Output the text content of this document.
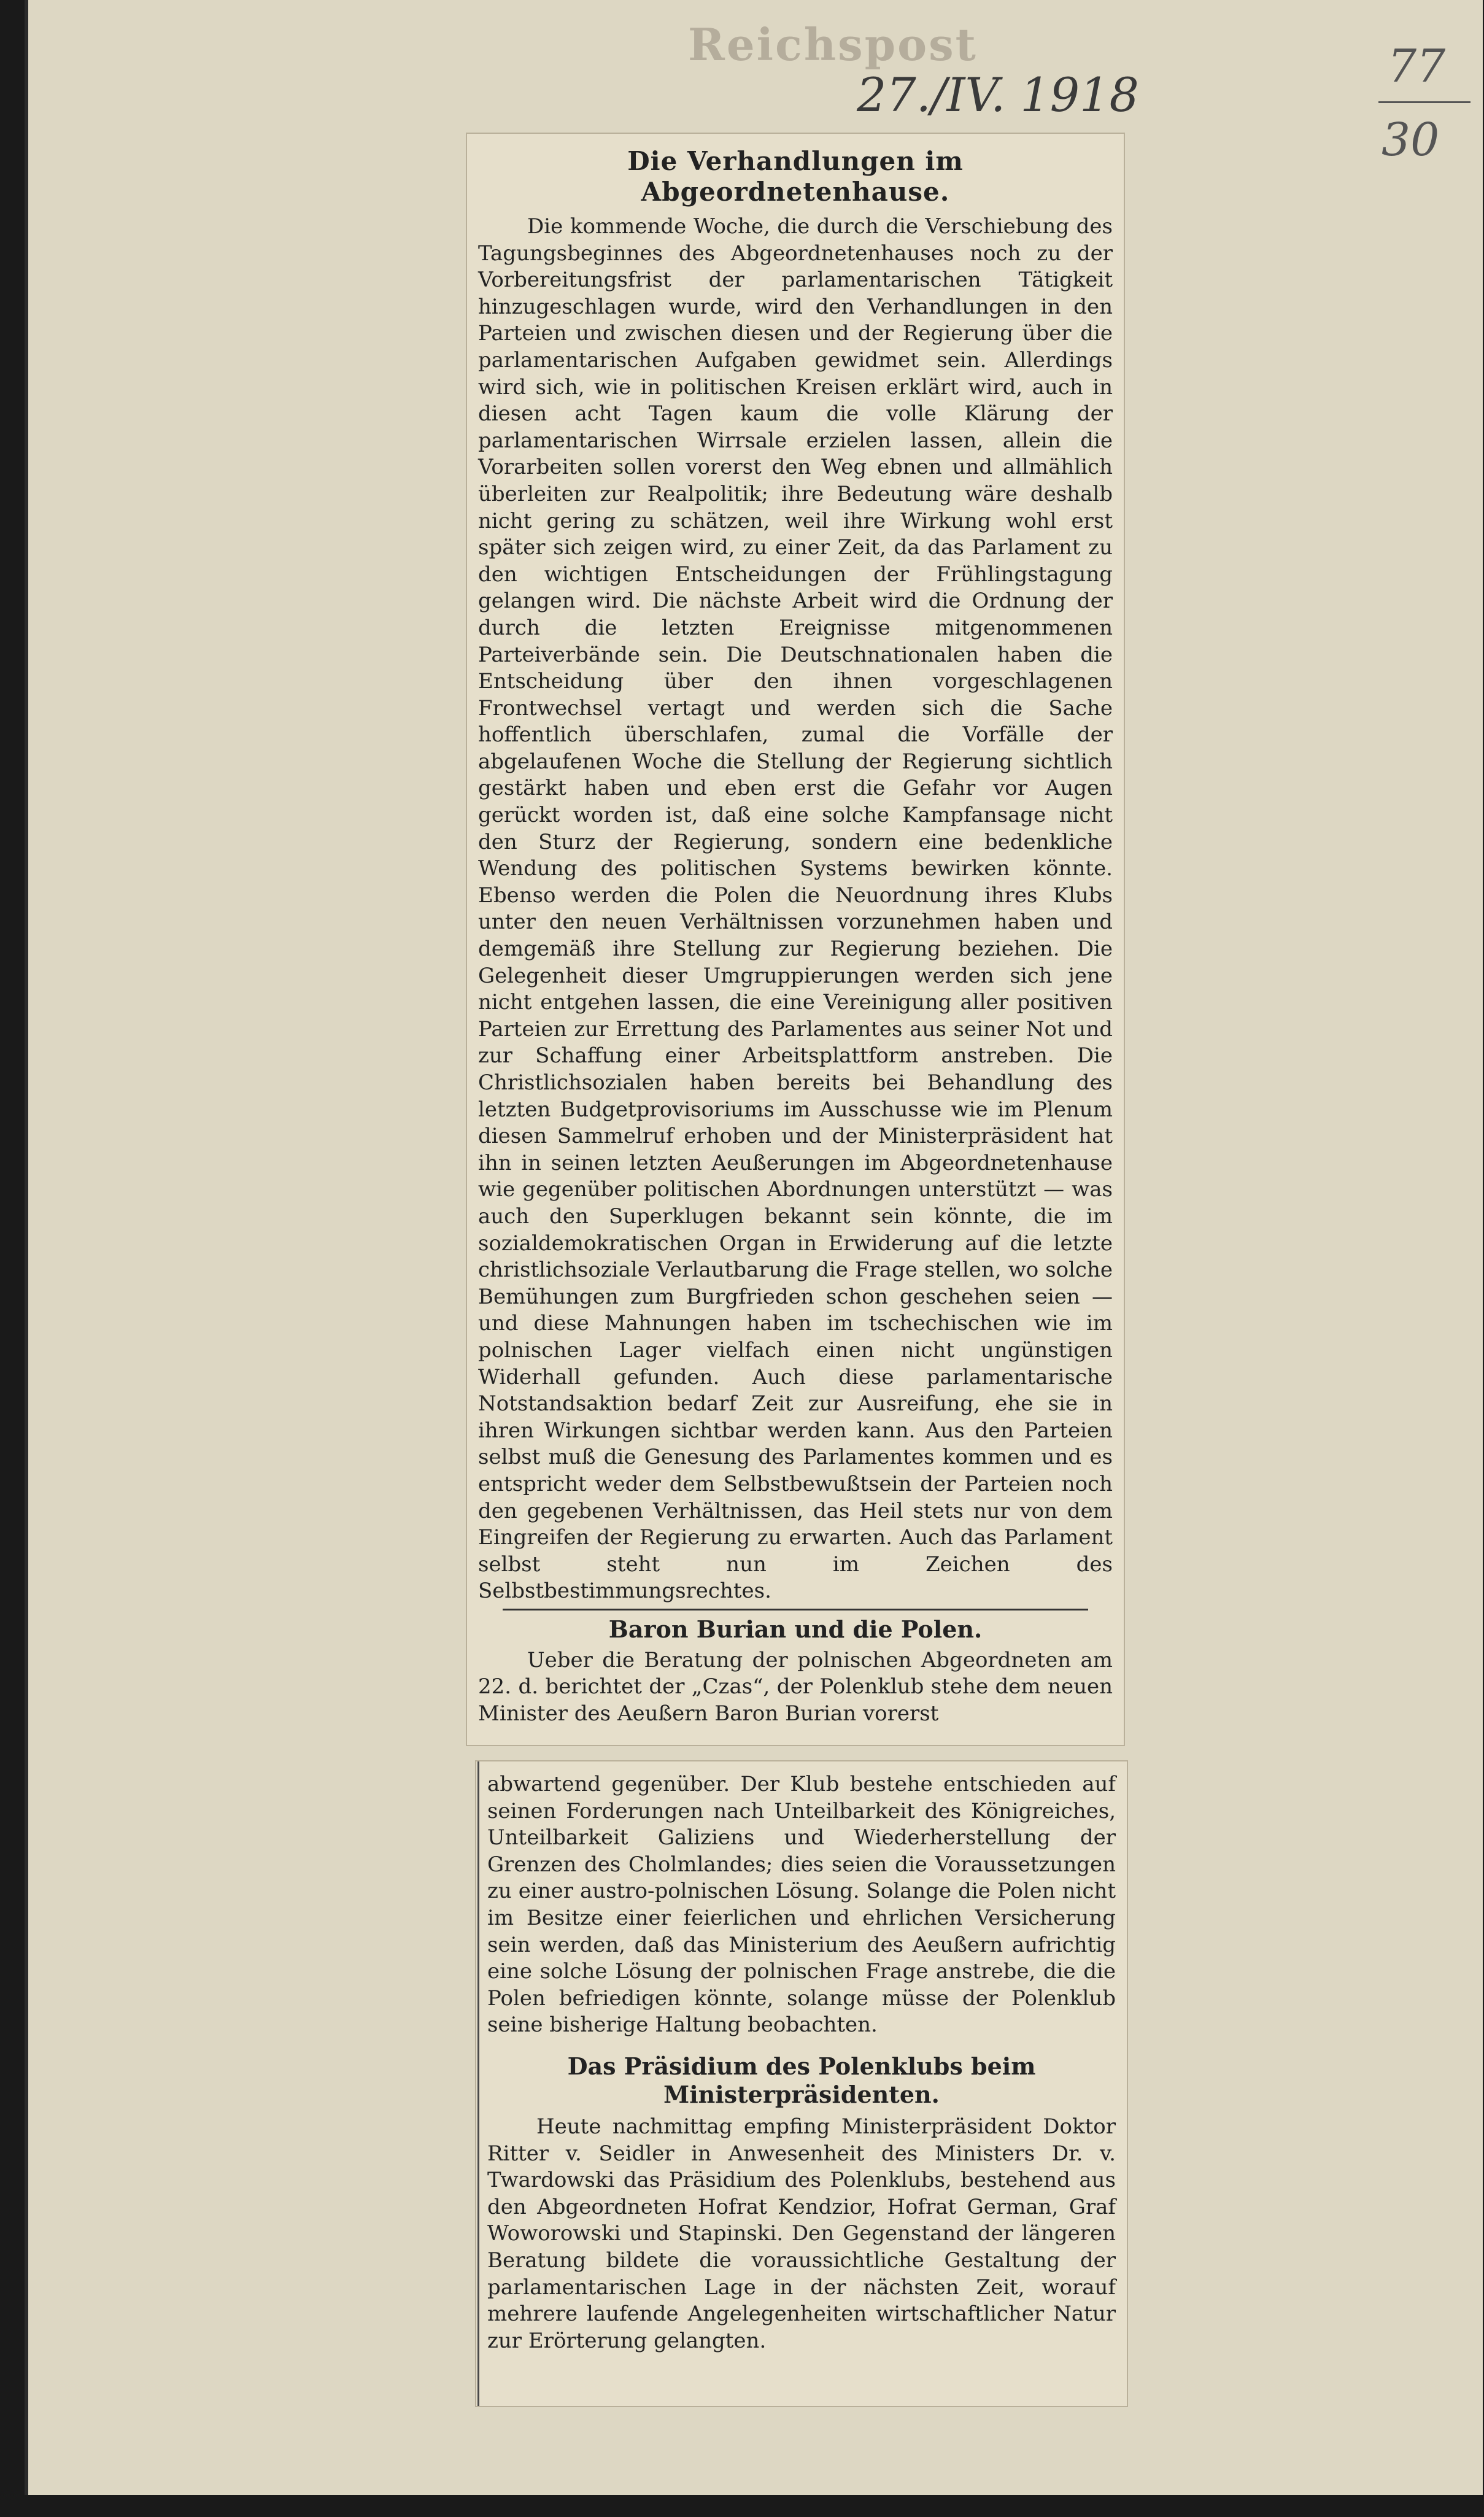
Reichspost
27./IV. 1918
77
30
Die Verhandlungen im Abgeordnetenhause.

Die kommende Woche, die durch die Verschiebung des Tagungsbeginnes des Abgeordnetenhauses noch zu der Vorbereitungsfrist der parlamentarischen Tätigkeit hinzugeschlagen wurde, wird den Verhandlungen in den Parteien und zwischen diesen und der Regierung über die parlamentarischen Aufgaben gewidmet sein. Allerdings wird sich, wie in politischen Kreisen erklärt wird, auch in diesen acht Tagen kaum die volle Klärung der parlamentarischen Wirrsale erzielen lassen, allein die Vorarbeiten sollen vorerst den Weg ebnen und allmählich überleiten zur Realpolitik; ihre Bedeutung wäre deshalb nicht gering zu schätzen, weil ihre Wirkung wohl erst später sich zeigen wird, zu einer Zeit, da das Parlament zu den wichtigen Entscheidungen der Frühlingstagung gelangen wird. Die nächste Arbeit wird die Ordnung der durch die letzten Ereignisse mitgenommenen Parteiverbände sein. Die Deutschnationalen haben die Entscheidung über den ihnen vorgeschlagenen Frontwechsel vertagt und werden sich die Sache hoffentlich überschlafen, zumal die Vorfälle der abgelaufenen Woche die Stellung der Regierung sichtlich gestärkt haben und eben erst die Gefahr vor Augen gerückt worden ist, daß eine solche Kampfansage nicht den Sturz der Regierung, sondern eine bedenkliche Wendung des politischen Systems bewirken könnte. Ebenso werden die Polen die Neuordnung ihres Klubs unter den neuen Verhältnissen vorzunehmen haben und demgemäß ihre Stellung zur Regierung beziehen. Die Gelegenheit dieser Umgruppierungen werden sich jene nicht entgehen lassen, die eine Vereinigung aller positiven Parteien zur Errettung des Parlamentes aus seiner Not und zur Schaffung einer Arbeitsplattform anstreben. Die Christlichsozialen haben bereits bei Behandlung des letzten Budgetprovisoriums im Ausschusse wie im Plenum diesen Sammelruf erhoben und der Ministerpräsident hat ihn in seinen letzten Aeußerungen im Abgeordnetenhause wie gegenüber politischen Abordnungen unterstützt — was auch den Superklugen bekannt sein könnte, die im sozialdemokratischen Organ in Erwiderung auf die letzte christlichsoziale Verlautbarung die Frage stellen, wo solche Bemühungen zum Burgfrieden schon geschehen seien — und diese Mahnungen haben im tschechischen wie im polnischen Lager vielfach einen nicht ungünstigen Widerhall gefunden. Auch diese parlamentarische Notstandsaktion bedarf Zeit zur Ausreifung, ehe sie in ihren Wirkungen sichtbar werden kann. Aus den Parteien selbst muß die Genesung des Parlamentes kommen und es entspricht weder dem Selbstbewußtsein der Parteien noch den gegebenen Verhältnissen, das Heil stets nur von dem Eingreifen der Regierung zu erwarten. Auch das Parlament selbst steht nun im Zeichen des Selbstbestimmungsrechtes.

Baron Burian und die Polen.

Ueber die Beratung der polnischen Abgeordneten am 22. d. berichtet der „Czas“, der Polenklub stehe dem neuen Minister des Aeußern Baron Burian vorerst

abwartend gegenüber. Der Klub bestehe entschieden auf seinen Forderungen nach Unteilbarkeit des Königreiches, Unteilbarkeit Galiziens und Wiederherstellung der Grenzen des Cholmlandes; dies seien die Voraussetzungen zu einer austro-polnischen Lösung. Solange die Polen nicht im Besitze einer feierlichen und ehrlichen Versicherung sein werden, daß das Ministerium des Aeußern aufrichtig eine solche Lösung der polnischen Frage anstrebe, die die Polen befriedigen könnte, solange müsse der Polenklub seine bisherige Haltung beobachten.

Das Präsidium des Polenklubs beim Ministerpräsidenten.

Heute nachmittag empfing Ministerpräsident Doktor Ritter v. Seidler in Anwesenheit des Ministers Dr. v. Twardowski das Präsidium des Polenklubs, bestehend aus den Abgeordneten Hofrat Kendzior, Hofrat German, Graf Woworowski und Stapinski. Den Gegenstand der längeren Beratung bildete die voraussichtliche Gestaltung der parlamentarischen Lage in der nächsten Zeit, worauf mehrere laufende Angelegenheiten wirtschaftlicher Natur zur Erörterung gelangten.
